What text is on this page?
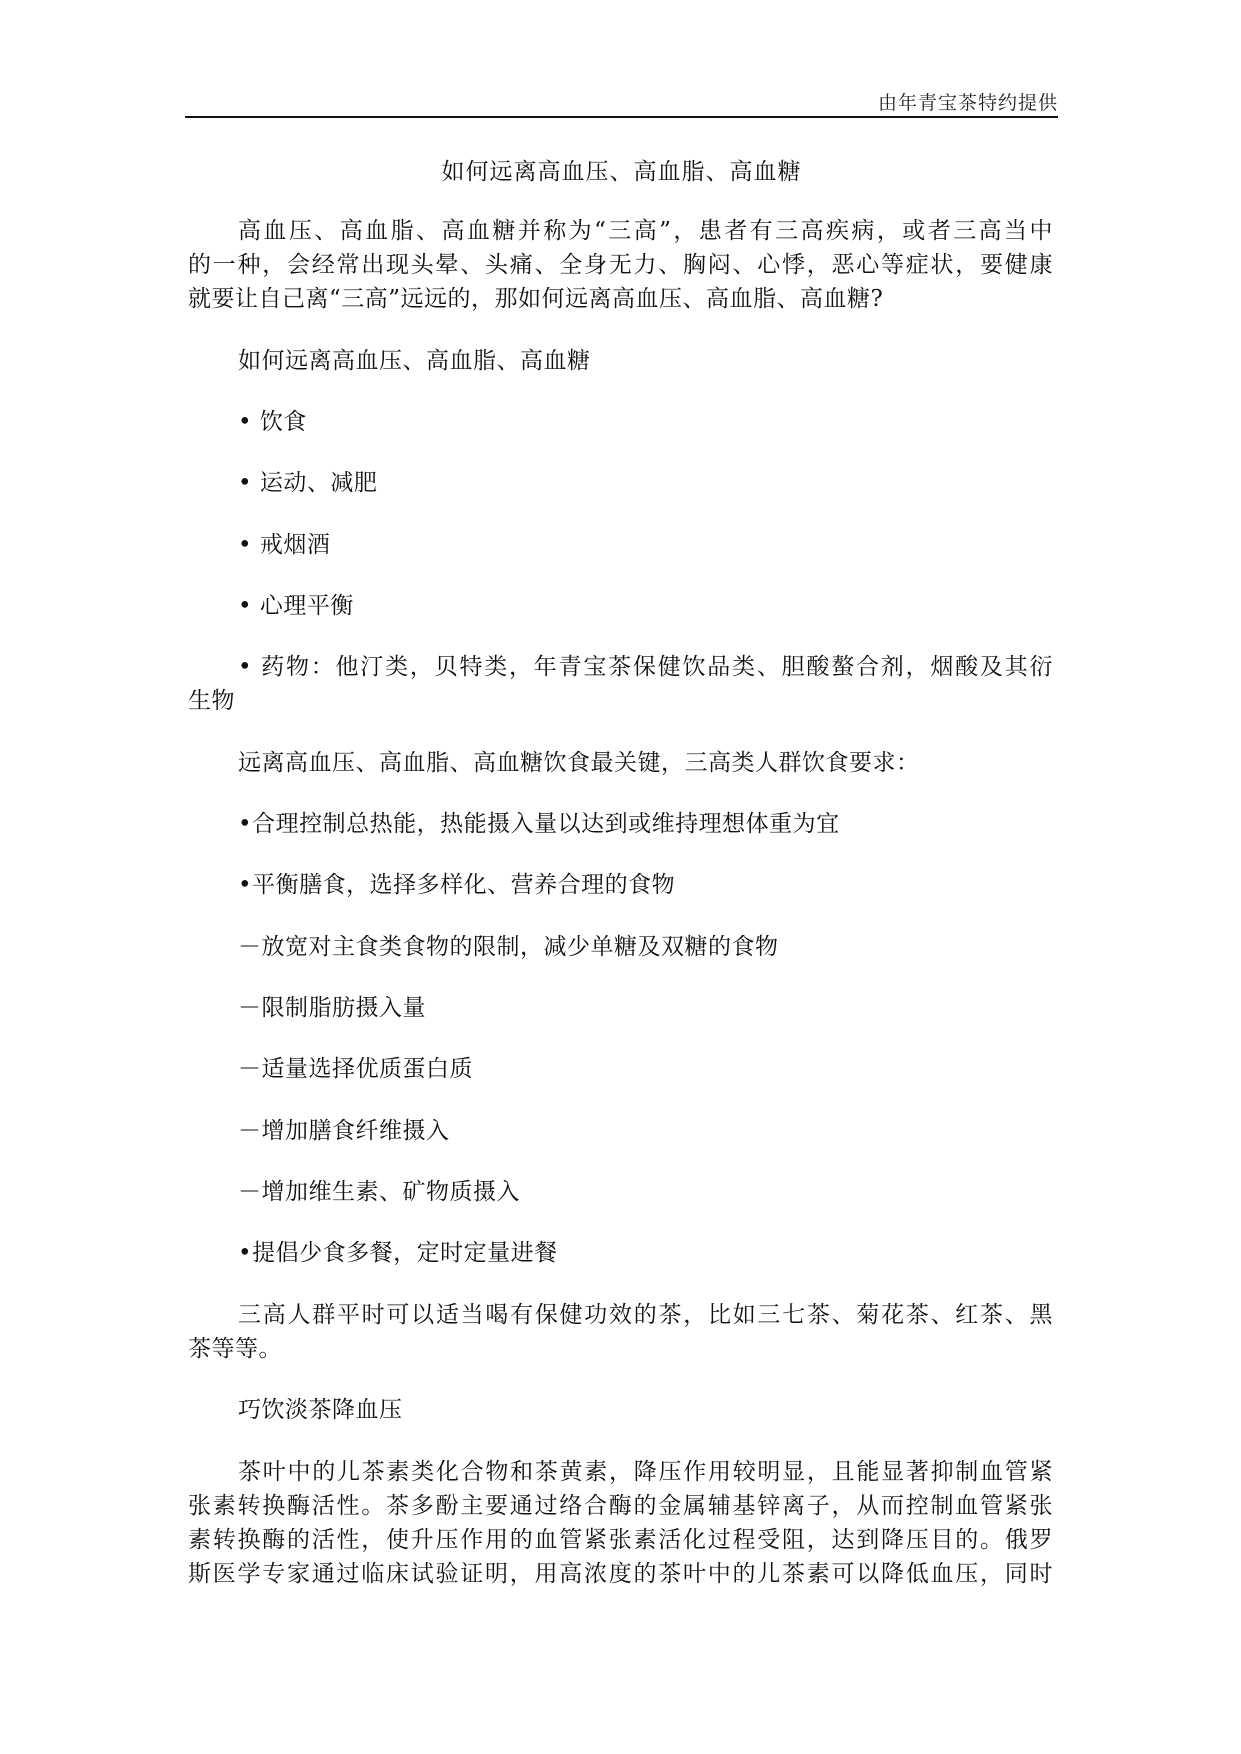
由年青宝茶特约提供
如何远离高血压、高血脂、高血糖
高血压、高血脂、高血糖并称为“三高”，患者有三高疾病，或者三高当中
的一种，会经常出现头晕、头痛、全身无力、胸闷、心悸，恶心等症状，要健康
就要让自己离“三高”远远的，那如何远离高血压、高血脂、高血糖?
如何远离高血压、高血脂、高血糖
• 饮食
• 运动、减肥
• 戒烟酒
• 心理平衡
• 药物：他汀类，贝特类，年青宝茶保健饮品类、胆酸螯合剂，烟酸及其衍
生物
远离高血压、高血脂、高血糖饮食最关键，三高类人群饮食要求：
•合理控制总热能，热能摄入量以达到或维持理想体重为宜
•平衡膳食，选择多样化、营养合理的食物
－放宽对主食类食物的限制，减少单糖及双糖的食物
－限制脂肪摄入量
－适量选择优质蛋白质
－增加膳食纤维摄入
－增加维生素、矿物质摄入
•提倡少食多餐，定时定量进餐
三高人群平时可以适当喝有保健功效的茶，比如三七茶、菊花茶、红茶、黑
茶等等。
巧饮淡茶降血压
茶叶中的儿茶素类化合物和茶黄素，降压作用较明显，且能显著抑制血管紧
张素转换酶活性。茶多酚主要通过络合酶的金属辅基锌离子，从而控制血管紧张
素转换酶的活性，使升压作用的血管紧张素活化过程受阻，达到降压目的。俄罗
斯医学专家通过临床试验证明，用高浓度的茶叶中的儿茶素可以降低血压，同时
